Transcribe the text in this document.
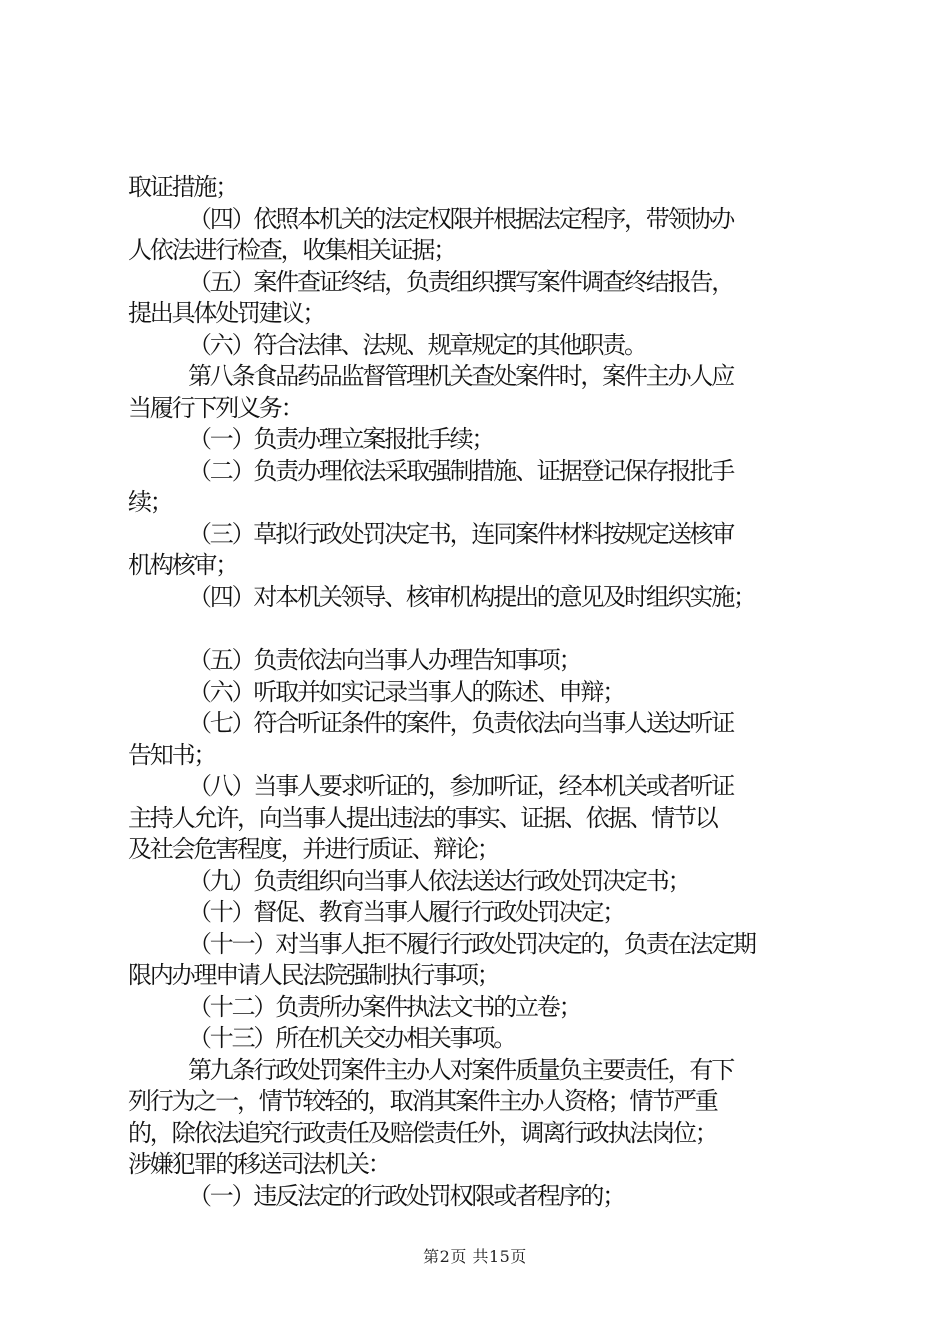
取证措施；
（四）依照本机关的法定权限并根据法定程序，带领协办
人依法进行检查，收集相关证据；
（五）案件查证终结，负责组织撰写案件调查终结报告，
提出具体处罚建议；
（六）符合法律、法规、规章规定的其他职责。
第八条食品药品监督管理机关查处案件时，案件主办人应
当履行下列义务：
（一）负责办理立案报批手续；
（二）负责办理依法采取强制措施、证据登记保存报批手
续；
（三）草拟行政处罚决定书，连同案件材料按规定送核审
机构核审；
（四）对本机关领导、核审机构提出的意见及时组织实施；
（五）负责依法向当事人办理告知事项；
（六）听取并如实记录当事人的陈述、申辩；
（七）符合听证条件的案件，负责依法向当事人送达听证
告知书；
（八）当事人要求听证的，参加听证，经本机关或者听证
主持人允许，向当事人提出违法的事实、证据、依据、情节以
及社会危害程度，并进行质证、辩论；
（九）负责组织向当事人依法送达行政处罚决定书；
（十）督促、教育当事人履行行政处罚决定；
（十一）对当事人拒不履行行政处罚决定的，负责在法定期
限内办理申请人民法院强制执行事项；
（十二）负责所办案件执法文书的立卷；
（十三）所在机关交办相关事项。
第九条行政处罚案件主办人对案件质量负主要责任，有下
列行为之一，情节较轻的，取消其案件主办人资格；情节严重
的，除依法追究行政责任及赔偿责任外，调离行政执法岗位；
涉嫌犯罪的移送司法机关：
（一）违反法定的行政处罚权限或者程序的；
第2页 共15页
